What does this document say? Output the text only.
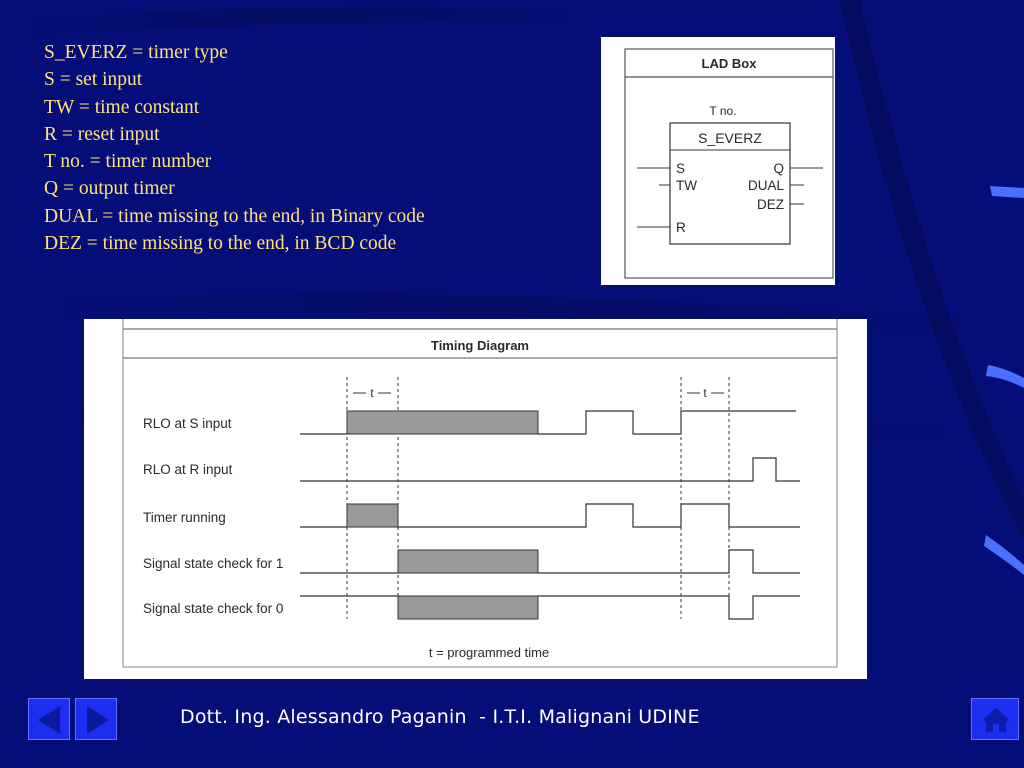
S_EVERZ = timer type
S = set input
TW = time constant
R = reset input
T no. = timer number
Q = output timer
DUAL = time missing to the end, in Binary code
DEZ = time missing to the end, in BCD code
LAD Box
T no.
S_EVERZ
S
TW
R
Q
DUAL
DEZ
Timing Diagram
RLO at S input
RLO at R input
Timer running
Signal state check for 1
Signal state check for 0
t	t
t = programmed time
Dott. Ing. Alessandro Paganin  - I.T.I. Malignani UDINE
